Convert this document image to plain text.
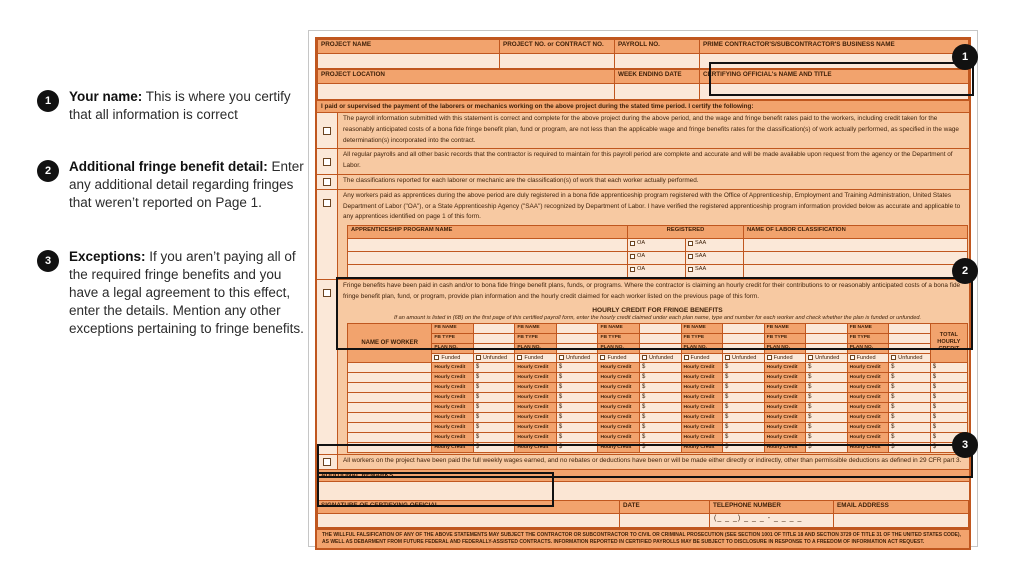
1	Your name: This is where you certify that all information is correct
2	Additional fringe benefit detail: Enter any additional detail regarding fringes that weren’t reported on Page 1.
3	Exceptions: If you aren’t paying all of the required fringe benefits and you have a legal agreement to this effect, enter the details. Mention any other exceptions pertaining to fringe benefits.
PROJECT NAME	PROJECT NO. or CONTRACT NO.	PAYROLL NO.	PRIME CONTRACTOR'S/SUBCONTRACTOR'S BUSINESS NAME

PROJECT LOCATION	WEEK ENDING DATE	CERTIFYING OFFICIAL's NAME AND TITLE

I paid or supervised the payment of the laborers or mechanics working on the above project during the stated time period. I certify the following:
The payroll information submitted with this statement is correct and complete for the above project during the above period, and the wage and fringe benefit rates paid to the workers, including credit taken for the reasonably anticipated costs of a bona fide fringe benefit plan, fund or program, are not less than the applicable wage and fringe benefits rates for the classification(s) of work actually performed, as specified in the wage determination(s) incorporated into the contract.
All regular payrolls and all other basic records that the contractor is required to maintain for this payroll period are complete and accurate and will be made available upon request from the agency or the Department of Labor.
The classifications reported for each laborer or mechanic are the classification(s) of work that each worker actually performed.
Any workers paid as apprentices during the above period are duly registered in a bona fide apprenticeship program registered with the Office of Apprenticeship, Employment and Training Administration, United States Department of Labor ("OA"), or a State Apprenticeship Agency ("SAA") recognized by Department of Labor. I have verified the registered apprenticeship program information provided below as accurate and applicable to any apprentices identified on page 1 of this form.
APPRENTICESHIP PROGRAM NAME	REGISTERED		NAME OF LABOR CLASSIFICATION

	OA	SAA	

	OA	SAA	

	OA	SAA	

Fringe benefits have been paid in cash and/or to bona fide fringe benefit plans, funds, or programs. Where the contractor is claiming an hourly credit for their contributions to or reasonably anticipated costs of a bona fide fringe benefit plan, fund, or program, provide plan information and the hourly credit claimed for each worker listed on the previous page of this form.
HOURLY CREDIT FOR FRINGE BENEFITS
If an amount is listed in (6B) on the first page of this certified payroll form, enter the hourly credit claimed under each plan name, type and number for each worker and check whether the plan is funded or unfunded.
NAME OF WORKER	FB NAME		FB NAME		FB NAME		FB NAME		FB NAME		FB NAME		TOTAL HOURLY CREDIT
	FB TYPE		FB TYPE		FB TYPE		FB TYPE		FB TYPE		FB TYPE		
	PLAN NO.		PLAN NO.		PLAN NO.		PLAN NO.		PLAN NO.		PLAN NO.		

	Funded	Unfunded	Funded	Unfunded	Funded	Unfunded	Funded	Unfunded	Funded	Unfunded	Funded	Unfunded	

	Hourly Credit	$	Hourly Credit	$	Hourly Credit	$	Hourly Credit	$	Hourly Credit	$	Hourly Credit	$	$
	Hourly Credit	$	Hourly Credit	$	Hourly Credit	$	Hourly Credit	$	Hourly Credit	$	Hourly Credit	$	$
	Hourly Credit	$	Hourly Credit	$	Hourly Credit	$	Hourly Credit	$	Hourly Credit	$	Hourly Credit	$	$
	Hourly Credit	$	Hourly Credit	$	Hourly Credit	$	Hourly Credit	$	Hourly Credit	$	Hourly Credit	$	$
	Hourly Credit	$	Hourly Credit	$	Hourly Credit	$	Hourly Credit	$	Hourly Credit	$	Hourly Credit	$	$
	Hourly Credit	$	Hourly Credit	$	Hourly Credit	$	Hourly Credit	$	Hourly Credit	$	Hourly Credit	$	$
	Hourly Credit	$	Hourly Credit	$	Hourly Credit	$	Hourly Credit	$	Hourly Credit	$	Hourly Credit	$	$
	Hourly Credit	$	Hourly Credit	$	Hourly Credit	$	Hourly Credit	$	Hourly Credit	$	Hourly Credit	$	$
	Hourly Credit	$	Hourly Credit	$	Hourly Credit	$	Hourly Credit	$	Hourly Credit	$	Hourly Credit	$	$
All workers on the project have been paid the full weekly wages earned, and no rebates or deductions have been or will be made either directly or indirectly, other than permissible deductions as defined in 29 CFR part 3.
ADDITIONAL REMARKS
SIGNATURE OF CERTIFYING OFFICIAL	DATE	TELEPHONE NUMBER	EMAIL ADDRESS
		(_ _ _) _ _ _ - _ _ _ _	
THE WILLFUL FALSIFICATION OF ANY OF THE ABOVE STATEMENTS MAY SUBJECT THE CONTRACTOR OR SUBCONTRACTOR TO CIVIL OR CRIMINAL PROSECUTION (SEE SECTION 1001 OF TITLE 18 AND SECTION 3729 OF TITLE 31 OF THE UNITED STATES CODE), AS WELL AS DEBARMENT FROM FUTURE FEDERAL AND FEDERALLY-ASSISTED CONTRACTS. INFORMATION REPORTED IN CERTIFIED PAYROLLS MAY BE SUBJECT TO DISCLOSURE IN RESPONSE TO A FREEDOM OF INFORMATION ACT REQUEST.
1
2
3
